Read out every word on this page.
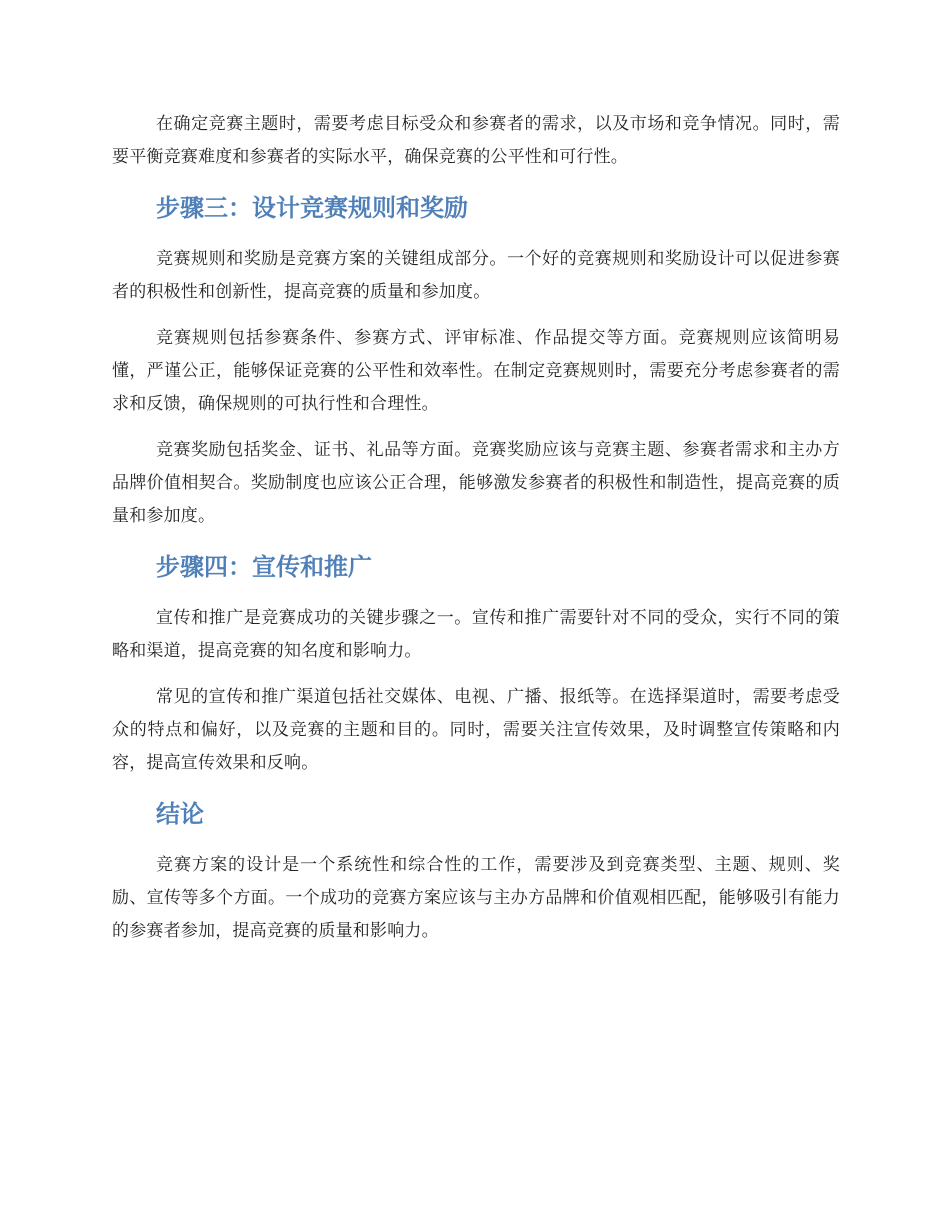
在确定竞赛主题时，需要考虑目标受众和参赛者的需求，以及市场和竞争情况。同时，需要平衡竞赛难度和参赛者的实际水平，确保竞赛的公平性和可行性。

步骤三：设计竞赛规则和奖励

竞赛规则和奖励是竞赛方案的关键组成部分。一个好的竞赛规则和奖励设计可以促进参赛者的积极性和创新性，提高竞赛的质量和参加度。

竞赛规则包括参赛条件、参赛方式、评审标准、作品提交等方面。竞赛规则应该简明易懂，严谨公正，能够保证竞赛的公平性和效率性。在制定竞赛规则时，需要充分考虑参赛者的需求和反馈，确保规则的可执行性和合理性。

竞赛奖励包括奖金、证书、礼品等方面。竞赛奖励应该与竞赛主题、参赛者需求和主办方品牌价值相契合。奖励制度也应该公正合理，能够激发参赛者的积极性和制造性，提高竞赛的质量和参加度。

步骤四：宣传和推广

宣传和推广是竞赛成功的关键步骤之一。宣传和推广需要针对不同的受众，实行不同的策略和渠道，提高竞赛的知名度和影响力。

常见的宣传和推广渠道包括社交媒体、电视、广播、报纸等。在选择渠道时，需要考虑受众的特点和偏好，以及竞赛的主题和目的。同时，需要关注宣传效果，及时调整宣传策略和内容，提高宣传效果和反响。

结论

竞赛方案的设计是一个系统性和综合性的工作，需要涉及到竞赛类型、主题、规则、奖励、宣传等多个方面。一个成功的竞赛方案应该与主办方品牌和价值观相匹配，能够吸引有能力的参赛者参加，提高竞赛的质量和影响力。
